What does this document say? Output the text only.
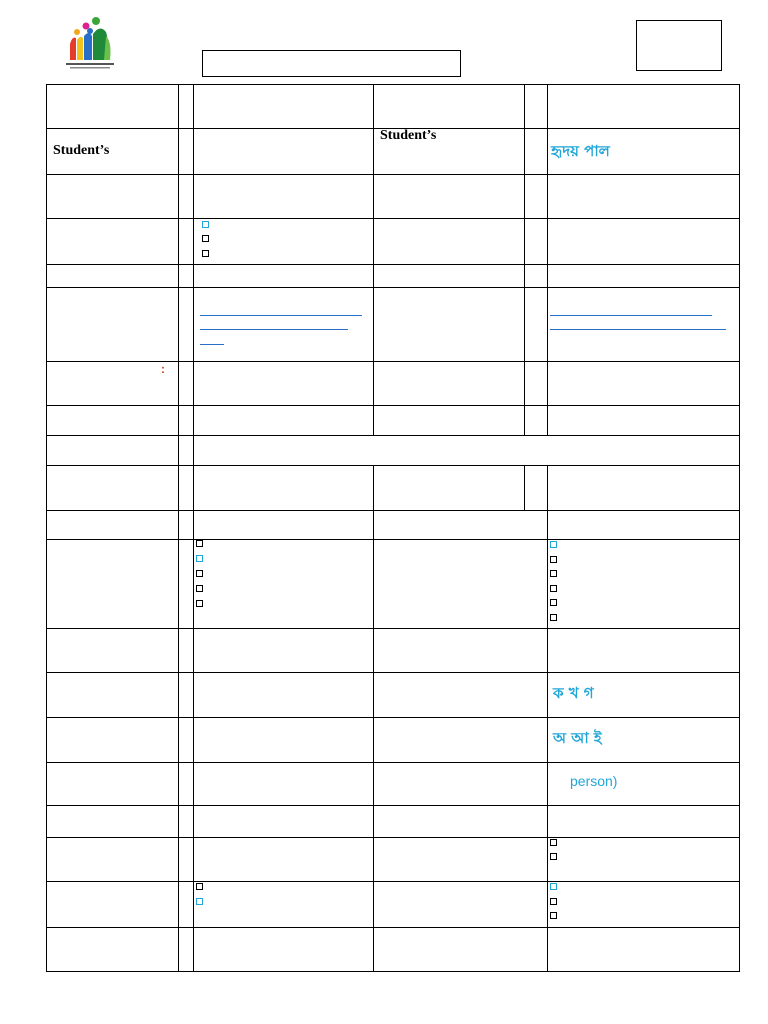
Student’s
Student’s
হৃদয় পাল
:
ক খ গ
অ আ ই
person)
